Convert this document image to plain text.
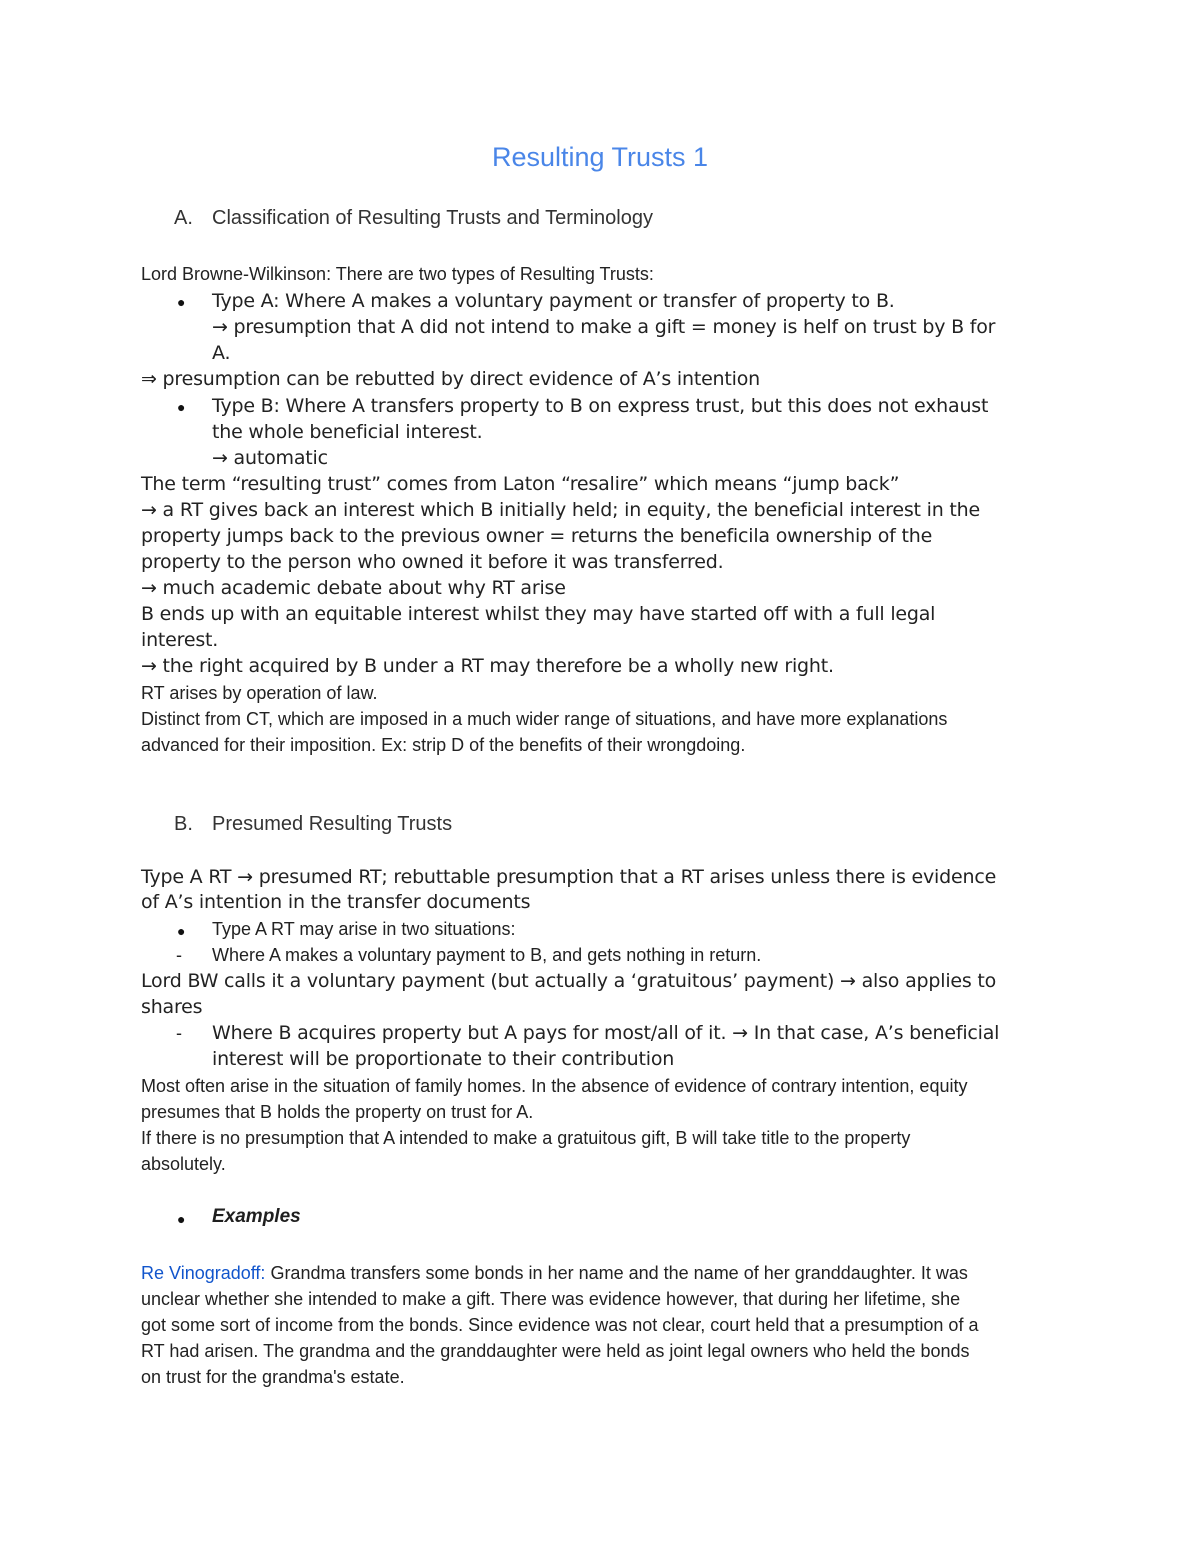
Resulting Trusts 1
A. Classification of Resulting Trusts and Terminology
Lord Browne-Wilkinson: There are two types of Resulting Trusts:
● Type A: Where A makes a voluntary payment or transfer of property to B.
→ presumption that A did not intend to make a gift = money is helf on trust by B for
A.
⇒ presumption can be rebutted by direct evidence of A’s intention
● Type B: Where A transfers property to B on express trust, but this does not exhaust
the whole beneficial interest.
→ automatic
The term “resulting trust” comes from Laton “resalire” which means “jump back”
→ a RT gives back an interest which B initially held; in equity, the beneficial interest in the
property jumps back to the previous owner = returns the beneficila ownership of the
property to the person who owned it before it was transferred.
→ much academic debate about why RT arise
B ends up with an equitable interest whilst they may have started off with a full legal
interest.
→ the right acquired by B under a RT may therefore be a wholly new right.
RT arises by operation of law.
Distinct from CT, which are imposed in a much wider range of situations, and have more explanations
advanced for their imposition. Ex: strip D of the benefits of their wrongdoing.
B. Presumed Resulting Trusts
Type A RT → presumed RT; rebuttable presumption that a RT arises unless there is evidence
of A’s intention in the transfer documents
● Type A RT may arise in two situations:
- Where A makes a voluntary payment to B, and gets nothing in return.
Lord BW calls it a voluntary payment (but actually a ‘gratuitous’ payment) → also applies to
shares
- Where B acquires property but A pays for most/all of it. → In that case, A’s beneficial
interest will be proportionate to their contribution
Most often arise in the situation of family homes. In the absence of evidence of contrary intention, equity
presumes that B holds the property on trust for A.
If there is no presumption that A intended to make a gratuitous gift, B will take title to the property
absolutely.
● Examples
Re Vinogradoff: Grandma transfers some bonds in her name and the name of her granddaughter. It was
unclear whether she intended to make a gift. There was evidence however, that during her lifetime, she
got some sort of income from the bonds. Since evidence was not clear, court held that a presumption of a
RT had arisen. The grandma and the granddaughter were held as joint legal owners who held the bonds
on trust for the grandma's estate.
